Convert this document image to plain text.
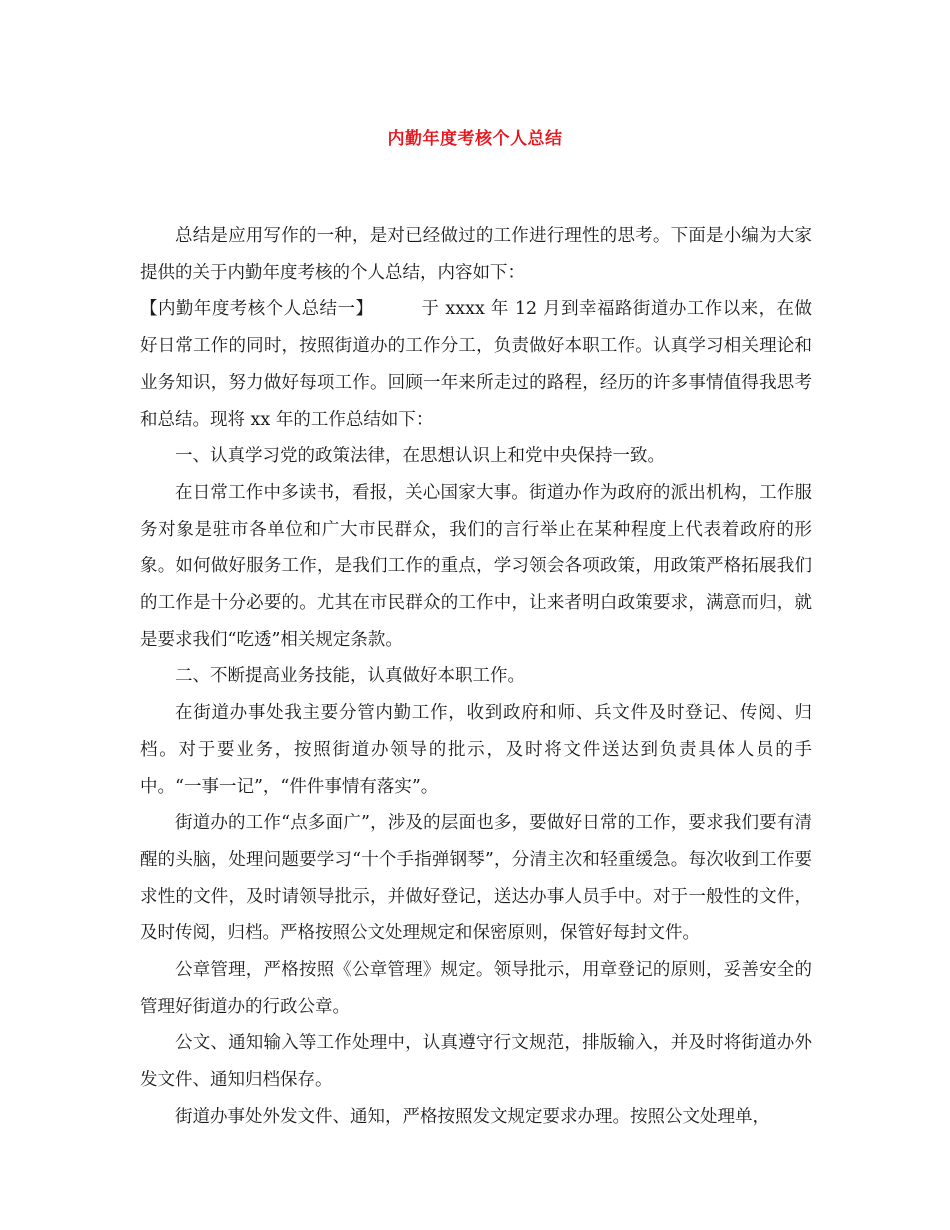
内勤年度考核个人总结

总结是应用写作的一种，是对已经做过的工作进行理性的思考。下面是小编为大家提供的关于内勤年度考核的个人总结，内容如下：

【内勤年度考核个人总结一】	于 xxxx 年 12 月到幸福路街道办工作以来，在做好日常工作的同时，按照街道办的工作分工，负责做好本职工作。认真学习相关理论和业务知识，努力做好每项工作。回顾一年来所走过的路程，经历的许多事情值得我思考和总结。现将 xx 年的工作总结如下：

一、认真学习党的政策法律，在思想认识上和党中央保持一致。

在日常工作中多读书，看报，关心国家大事。街道办作为政府的派出机构，工作服务对象是驻市各单位和广大市民群众，我们的言行举止在某种程度上代表着政府的形象。如何做好服务工作，是我们工作的重点，学习领会各项政策，用政策严格拓展我们的工作是十分必要的。尤其在市民群众的工作中，让来者明白政策要求，满意而归，就是要求我们“吃透”相关规定条款。

二、不断提高业务技能，认真做好本职工作。

在街道办事处我主要分管内勤工作，收到政府和师、兵文件及时登记、传阅、归档。对于要业务，按照街道办领导的批示，及时将文件送达到负责具体人员的手中。“一事一记”，“件件事情有落实”。

街道办的工作“点多面广”，涉及的层面也多，要做好日常的工作，要求我们要有清醒的头脑，处理问题要学习“十个手指弹钢琴”，分清主次和轻重缓急。每次收到工作要求性的文件，及时请领导批示，并做好登记，送达办事人员手中。对于一般性的文件，及时传阅，归档。严格按照公文处理规定和保密原则，保管好每封文件。

公章管理，严格按照《公章管理》规定。领导批示，用章登记的原则，妥善安全的管理好街道办的行政公章。

公文、通知输入等工作处理中，认真遵守行文规范，排版输入，并及时将街道办外发文件、通知归档保存。

街道办事处外发文件、通知，严格按照发文规定要求办理。按照公文处理单，
